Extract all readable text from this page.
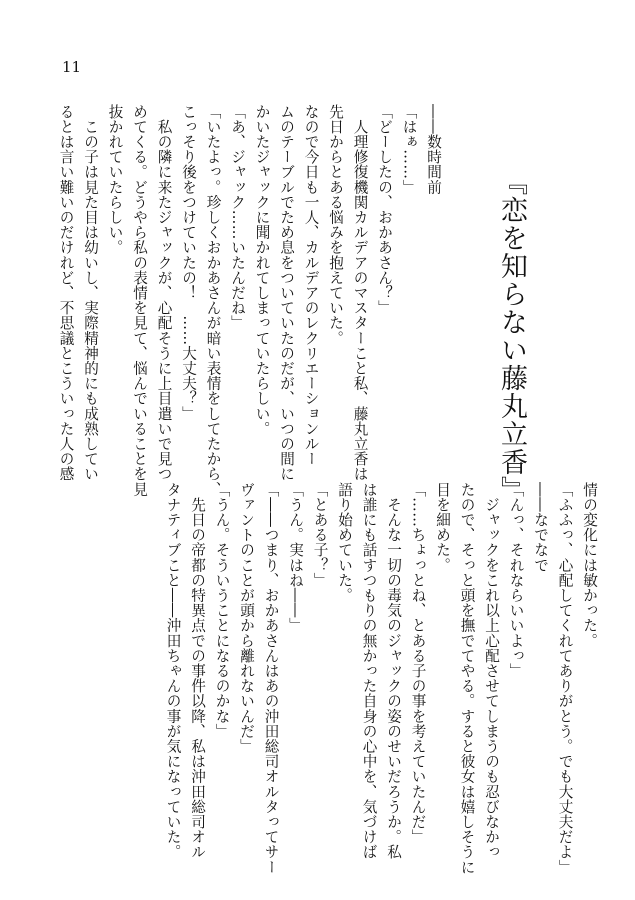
11
『恋を知らない藤丸立香』

――数時間前

「はぁ……」

「どーしたの、おかあさん？」

　人理修復機関カルデアのマスターこと私、藤丸立香は

先日からとある悩みを抱えていた。

なので今日も一人、カルデアのレクリエーションルー

ムのテーブルでため息をついていたのだが、いつの間に

かいたジャックに聞かれてしまっていたらしい。

「あ、ジャック……いたんだね」

「いたよっ。珍しくおかあさんが暗い表情をしてたから、

こっそり後をつけていたの！　……大丈夫？」

　私の隣に来たジャックが、心配そうに上目遣いで見つ

めてくる。どうやら私の表情を見て、悩んでいることを見

抜かれていたらしい。

　この子は見た目は幼いし、実際精神的にも成熟してい

るとは言い難いのだけれど、不思議とこういった人の感

情の変化には敏かった。

「ふふっ、心配してくれてありがとう。でも大丈夫だよ」

――なでなで

「んっ、それならいいよっ」

　ジャックをこれ以上心配させてしまうのも忍びなかっ

たので、そっと頭を撫でてやる。すると彼女は嬉しそうに

目を細めた。

「……ちょっとね、とある子の事を考えていたんだ」

　そんな一切の毒気のジャックの姿のせいだろうか。私

は誰にも話すつもりの無かった自身の心中を、気づけば

語り始めていた。

「とある子？」

「うん。実はね――」

「――つまり、おかあさんはあの沖田総司オルタってサー

ヴァントのことが頭から離れないんだ」

「うん。そういうことになるのかな」

　先日の帝都の特異点での事件以降、私は沖田総司オル

タナティブこと――沖田ちゃんの事が気になっていた。
